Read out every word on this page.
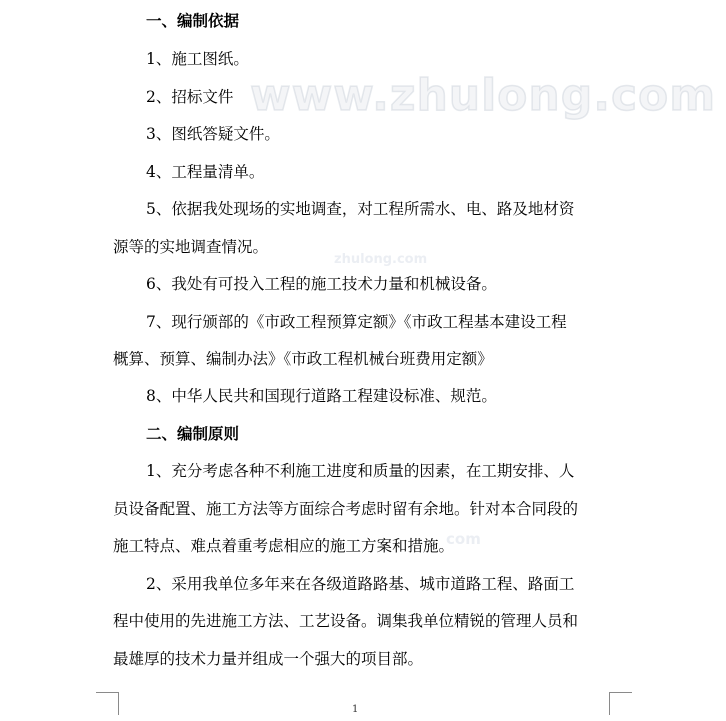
www.zhulong.com
zhulong.com
com
一、编制依据
1、施工图纸。
2、招标文件
3、图纸答疑文件。
4、工程量清单。
5、依据我处现场的实地调查，对工程所需水、电、路及地材资
源等的实地调查情况。
6、我处有可投入工程的施工技术力量和机械设备。
7、现行颁部的《市政工程预算定额》《市政工程基本建设工程
概算、预算、编制办法》《市政工程机械台班费用定额》
8、中华人民共和国现行道路工程建设标准、规范。
二、编制原则
1、充分考虑各种不利施工进度和质量的因素，在工期安排、人
员设备配置、施工方法等方面综合考虑时留有余地。针对本合同段的
施工特点、难点着重考虑相应的施工方案和措施。
2、采用我单位多年来在各级道路路基、城市道路工程、路面工
程中使用的先进施工方法、工艺设备。调集我单位精锐的管理人员和
最雄厚的技术力量并组成一个强大的项目部。
1
